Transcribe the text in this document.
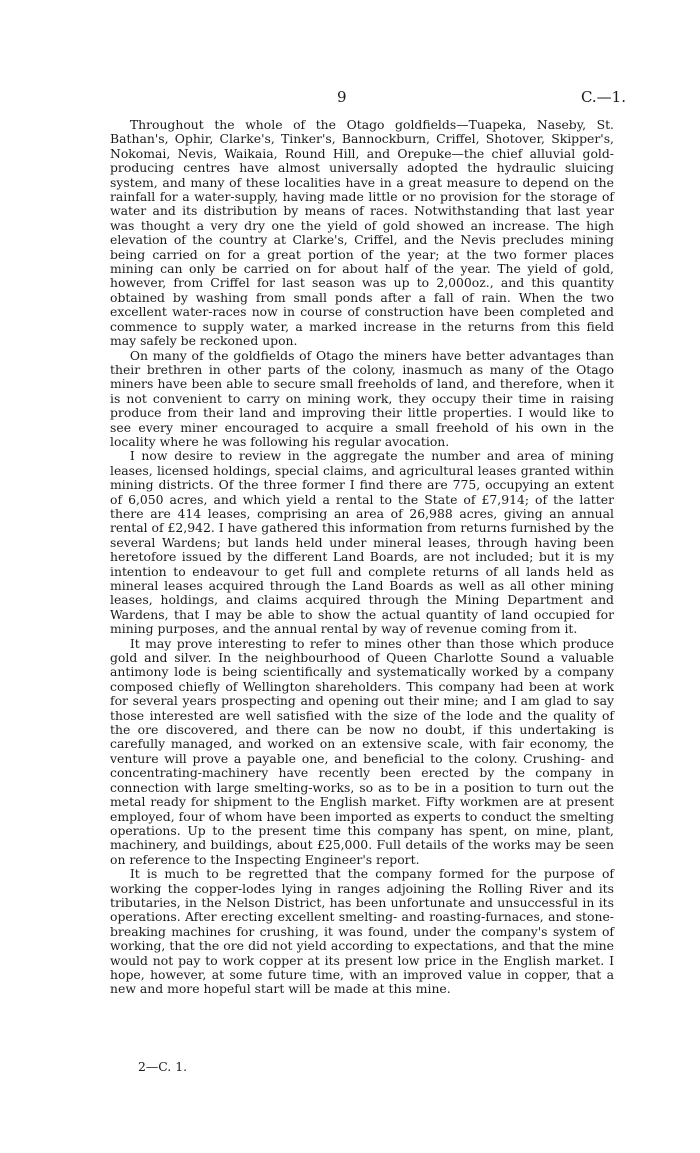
9	C.—1.

Throughout the whole of the Otago goldfields—Tuapeka, Naseby, St. Bathan's, Ophir, Clarke's, Tinker's, Bannockburn, Criffel, Shotover, Skipper's, Nokomai, Nevis, Waikaia, Round Hill, and Orepuke—the chief alluvial gold-producing centres have almost universally adopted the hydraulic sluicing system, and many of these localities have in a great measure to depend on the rainfall for a water-supply, having made little or no provision for the storage of water and its distribution by means of races. Notwithstanding that last year was thought a very dry one the yield of gold showed an increase. The high elevation of the country at Clarke's, Criffel, and the Nevis precludes mining being carried on for a great portion of the year; at the two former places mining can only be carried on for about half of the year. The yield of gold, however, from Criffel for last season was up to 2,000oz., and this quantity obtained by washing from small ponds after a fall of rain. When the two excellent water-races now in course of construction have been completed and commence to supply water, a marked increase in the returns from this field may safely be reckoned upon.

On many of the goldfields of Otago the miners have better advantages than their brethren in other parts of the colony, inasmuch as many of the Otago miners have been able to secure small freeholds of land, and therefore, when it is not convenient to carry on mining work, they occupy their time in raising produce from their land and improving their little properties. I would like to see every miner encouraged to acquire a small freehold of his own in the locality where he was following his regular avocation.

I now desire to review in the aggregate the number and area of mining leases, licensed holdings, special claims, and agricultural leases granted within mining districts. Of the three former I find there are 775, occupying an extent of 6,050 acres, and which yield a rental to the State of £7,914; of the latter there are 414 leases, comprising an area of 26,988 acres, giving an annual rental of £2,942. I have gathered this information from returns furnished by the several Wardens; but lands held under mineral leases, through having been heretofore issued by the different Land Boards, are not included; but it is my intention to endeavour to get full and complete returns of all lands held as mineral leases acquired through the Land Boards as well as all other mining leases, holdings, and claims acquired through the Mining Department and Wardens, that I may be able to show the actual quantity of land occupied for mining purposes, and the annual rental by way of revenue coming from it.

It may prove interesting to refer to mines other than those which produce gold and silver. In the neighbourhood of Queen Charlotte Sound a valuable antimony lode is being scientifically and systematically worked by a company composed chiefly of Wellington shareholders. This company had been at work for several years prospecting and opening out their mine; and I am glad to say those interested are well satisfied with the size of the lode and the quality of the ore discovered, and there can be now no doubt, if this undertaking is carefully managed, and worked on an extensive scale, with fair economy, the venture will prove a payable one, and beneficial to the colony. Crushing- and concentrating-machinery have recently been erected by the company in connection with large smelting-works, so as to be in a position to turn out the metal ready for shipment to the English market. Fifty workmen are at present employed, four of whom have been imported as experts to conduct the smelting operations. Up to the present time this company has spent, on mine, plant, machinery, and buildings, about £25,000. Full details of the works may be seen on reference to the Inspecting Engineer's report.

It is much to be regretted that the company formed for the purpose of working the copper-lodes lying in ranges adjoining the Rolling River and its tributaries, in the Nelson District, has been unfortunate and unsuccessful in its operations. After erecting excellent smelting- and roasting-furnaces, and stone-breaking machines for crushing, it was found, under the company's system of working, that the ore did not yield according to expectations, and that the mine would not pay to work copper at its present low price in the English market. I hope, however, at some future time, with an improved value in copper, that a new and more hopeful start will be made at this mine.

2—C. 1.
